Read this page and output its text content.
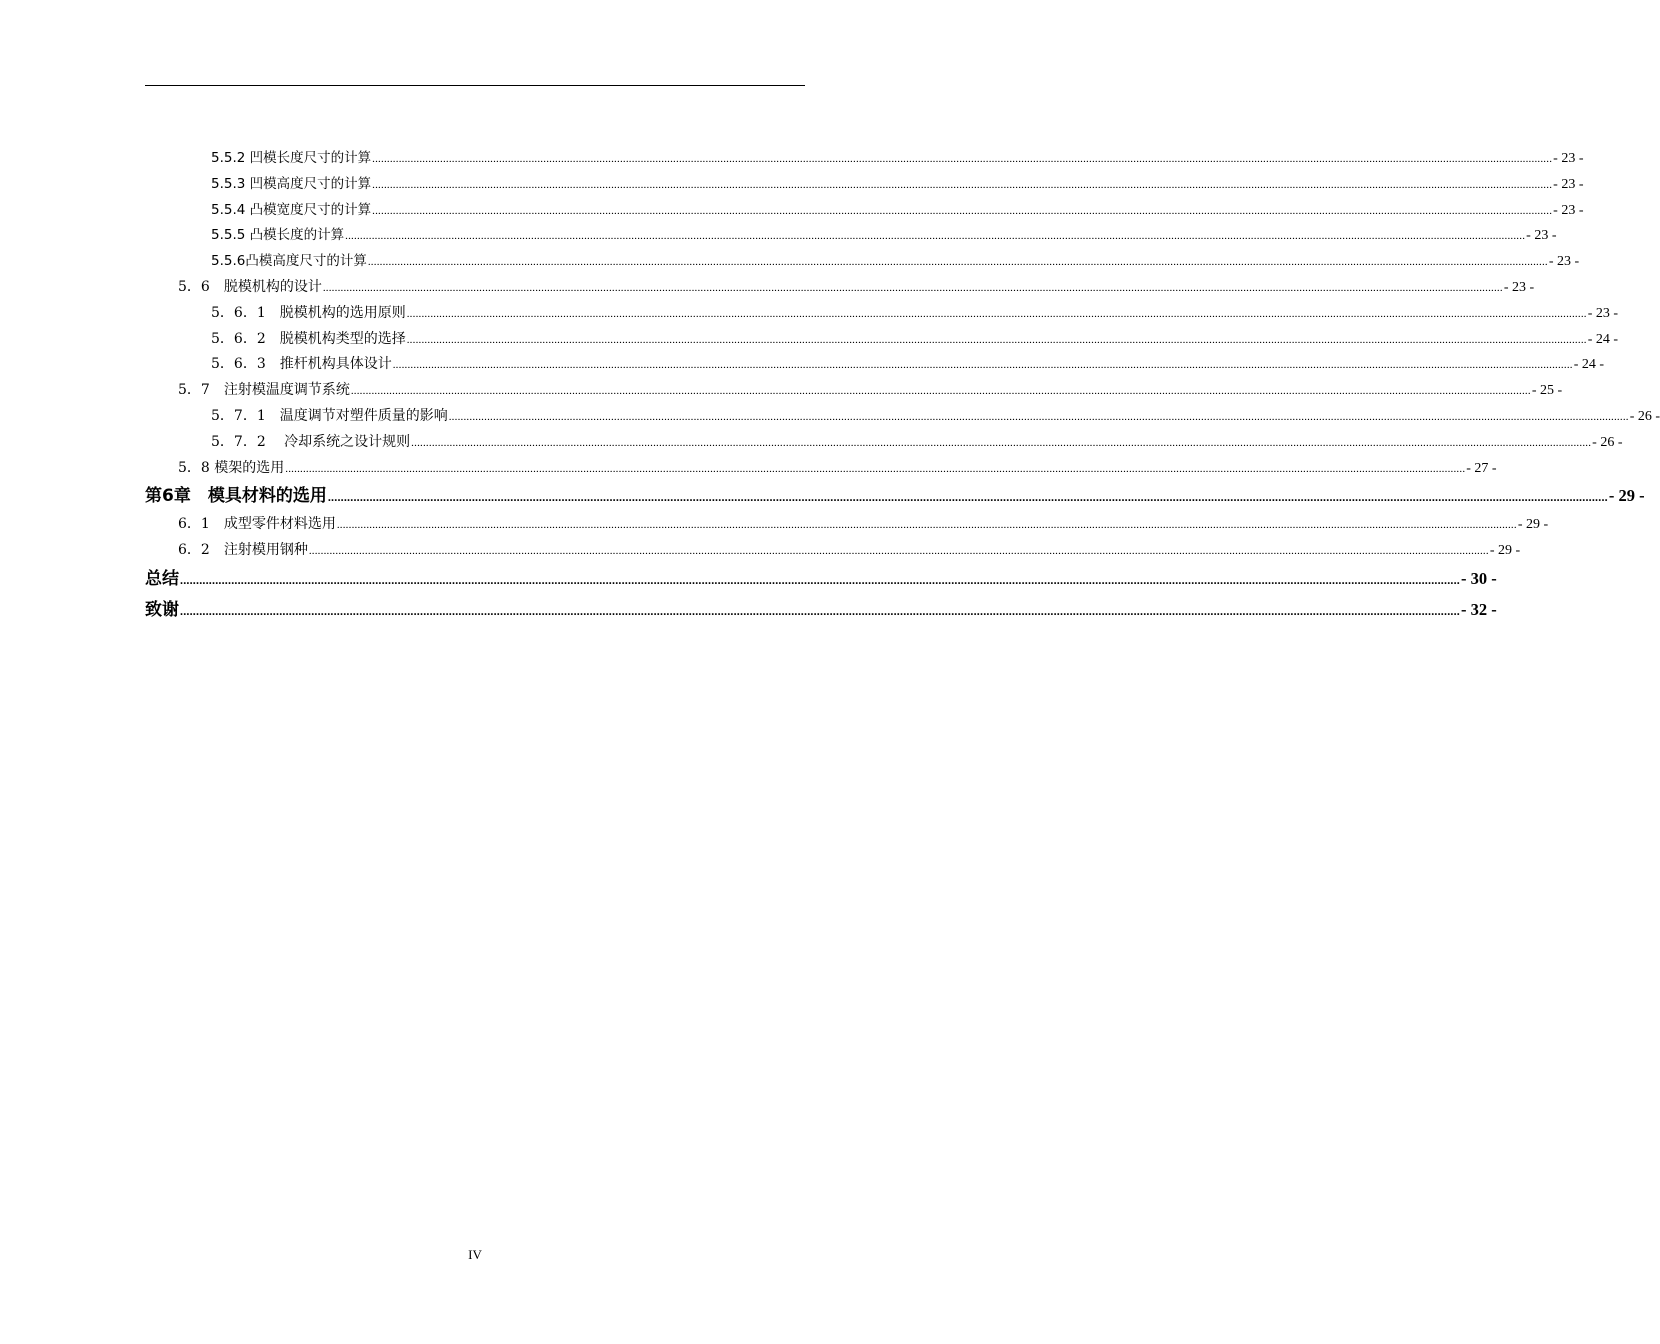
5.5.2 凹模长度尺寸的计算 ................................................................................................................................................................................................................................................................................................................................................................................................................ - 23 -
5.5.3 凹模高度尺寸的计算 ................................................................................................................................................................................................................................................................................................................................................................................................................ - 23 -
5.5.4 凸模宽度尺寸的计算 ................................................................................................................................................................................................................................................................................................................................................................................................................ - 23 -
5.5.5 凸模长度的计算 ................................................................................................................................................................................................................................................................................................................................................................................................................ - 23 -
5.5.6凸模高度尺寸的计算 ................................................................................................................................................................................................................................................................................................................................................................................................................ - 23 -
5．6　脱模机构的设计 ................................................................................................................................................................................................................................................................................................................................................................................................................ - 23 -
5．6．1　脱模机构的选用原则 ................................................................................................................................................................................................................................................................................................................................................................................................................ - 23 -
5．6．2　脱模机构类型的选择 ................................................................................................................................................................................................................................................................................................................................................................................................................ - 24 -
5．6．3　推杆机构具体设计 ................................................................................................................................................................................................................................................................................................................................................................................................................ - 24 -
5．7　注射模温度调节系统 ................................................................................................................................................................................................................................................................................................................................................................................................................ - 25 -
5．7．1　温度调节对塑件质量的影响 ................................................................................................................................................................................................................................................................................................................................................................................................................ - 26 -
5．7．2　 冷却系统之设计规则 ................................................................................................................................................................................................................................................................................................................................................................................................................ - 26 -
5．8 模架的选用 ................................................................................................................................................................................................................................................................................................................................................................................................................ - 27 -
第6章　模具材料的选用 ................................................................................................................................................................................................................................................................................................................................................................................................................ - 29 -
6．1　成型零件材料选用 ................................................................................................................................................................................................................................................................................................................................................................................................................ - 29 -
6．2　注射模用钢种 ................................................................................................................................................................................................................................................................................................................................................................................................................ - 29 -
总结 ................................................................................................................................................................................................................................................................................................................................................................................................................ - 30 -
致谢 ................................................................................................................................................................................................................................................................................................................................................................................................................ - 32 -
IV
